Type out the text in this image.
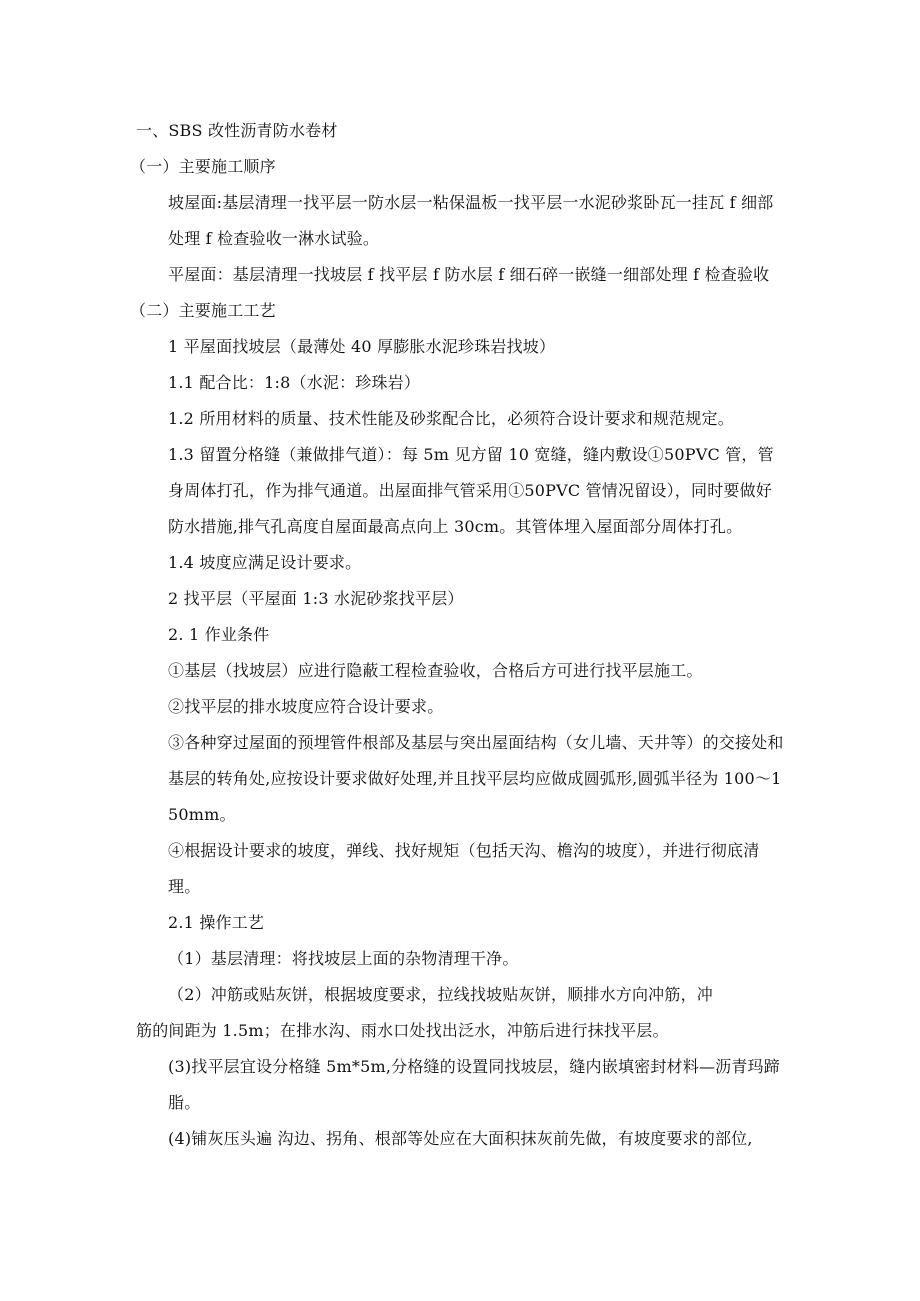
一、SBS 改性沥青防水卷材
（一）主要施工顺序
坡屋面:基层清理一找平层一防水层一粘保温板一找平层一水泥砂浆卧瓦一挂瓦 f 细部处理 f 检查验收一淋水试验。
平屋面：基层清理一找坡层 f 找平层 f 防水层 f 细石碎一嵌缝一细部处理 f 检查验收
（二）主要施工工艺
1 平屋面找坡层（最薄处 40 厚膨胀水泥珍珠岩找坡）
1.1 配合比：1:8（水泥：珍珠岩）
1.2 所用材料的质量、技术性能及砂浆配合比，必须符合设计要求和规范规定。
1.3 留置分格缝（兼做排气道）：每 5m 见方留 10 宽缝，缝内敷设①50PVC 管，管身周体打孔，作为排气通道。出屋面排气管采用①50PVC 管情况留设），同时要做好防水措施,排气孔高度自屋面最高点向上 30cm。其管体埋入屋面部分周体打孔。
1.4 坡度应满足设计要求。
2 找平层（平屋面 1:3 水泥砂浆找平层）
2. 1 作业条件
①基层（找坡层）应进行隐蔽工程检查验收，合格后方可进行找平层施工。
②找平层的排水坡度应符合设计要求。
③各种穿过屋面的预埋管件根部及基层与突出屋面结构（女儿墙、天井等）的交接处和基层的转角处,应按设计要求做好处理,并且找平层均应做成圆弧形,圆弧半径为 100～150mm。
④根据设计要求的坡度，弹线、找好规矩（包括天沟、檐沟的坡度），并进行彻底清理。
2.1 操作工艺
（1）基层清理：将找坡层上面的杂物清理干净。
（2）冲筋或贴灰饼，根据坡度要求，拉线找坡贴灰饼，顺排水方向冲筋，冲
筋的间距为 1.5m；在排水沟、雨水口处找出泛水，冲筋后进行抹找平层。
(3)找平层宜设分格缝 5m*5m,分格缝的设置同找坡层，缝内嵌填密封材料—沥青玛蹄脂。
(4)铺灰压头遍 沟边、拐角、根部等处应在大面积抹灰前先做，有坡度要求的部位,
